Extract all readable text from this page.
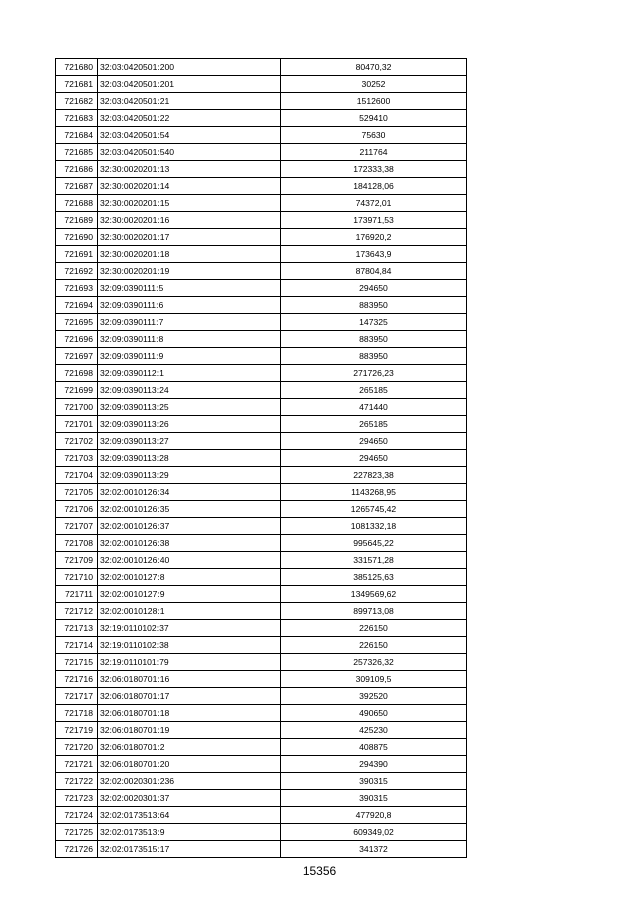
721680	32:03:0420501:200	80470,32
721681	32:03:0420501:201	30252
721682	32:03:0420501:21	1512600
721683	32:03:0420501:22	529410
721684	32:03:0420501:54	75630
721685	32:03:0420501:540	211764
721686	32:30:0020201:13	172333,38
721687	32:30:0020201:14	184128,06
721688	32:30:0020201:15	74372,01
721689	32:30:0020201:16	173971,53
721690	32:30:0020201:17	176920,2
721691	32:30:0020201:18	173643,9
721692	32:30:0020201:19	87804,84
721693	32:09:0390111:5	294650
721694	32:09:0390111:6	883950
721695	32:09:0390111:7	147325
721696	32:09:0390111:8	883950
721697	32:09:0390111:9	883950
721698	32:09:0390112:1	271726,23
721699	32:09:0390113:24	265185
721700	32:09:0390113:25	471440
721701	32:09:0390113:26	265185
721702	32:09:0390113:27	294650
721703	32:09:0390113:28	294650
721704	32:09:0390113:29	227823,38
721705	32:02:0010126:34	1143268,95
721706	32:02:0010126:35	1265745,42
721707	32:02:0010126:37	1081332,18
721708	32:02:0010126:38	995645,22
721709	32:02:0010126:40	331571,28
721710	32:02:0010127:8	385125,63
721711	32:02:0010127:9	1349569,62
721712	32:02:0010128:1	899713,08
721713	32:19:0110102:37	226150
721714	32:19:0110102:38	226150
721715	32:19:0110101:79	257326,32
721716	32:06:0180701:16	309109,5
721717	32:06:0180701:17	392520
721718	32:06:0180701:18	490650
721719	32:06:0180701:19	425230
721720	32:06:0180701:2	408875
721721	32:06:0180701:20	294390
721722	32:02:0020301:236	390315
721723	32:02:0020301:37	390315
721724	32:02:0173513:64	477920,8
721725	32:02:0173513:9	609349,02
721726	32:02:0173515:17	341372
15356
